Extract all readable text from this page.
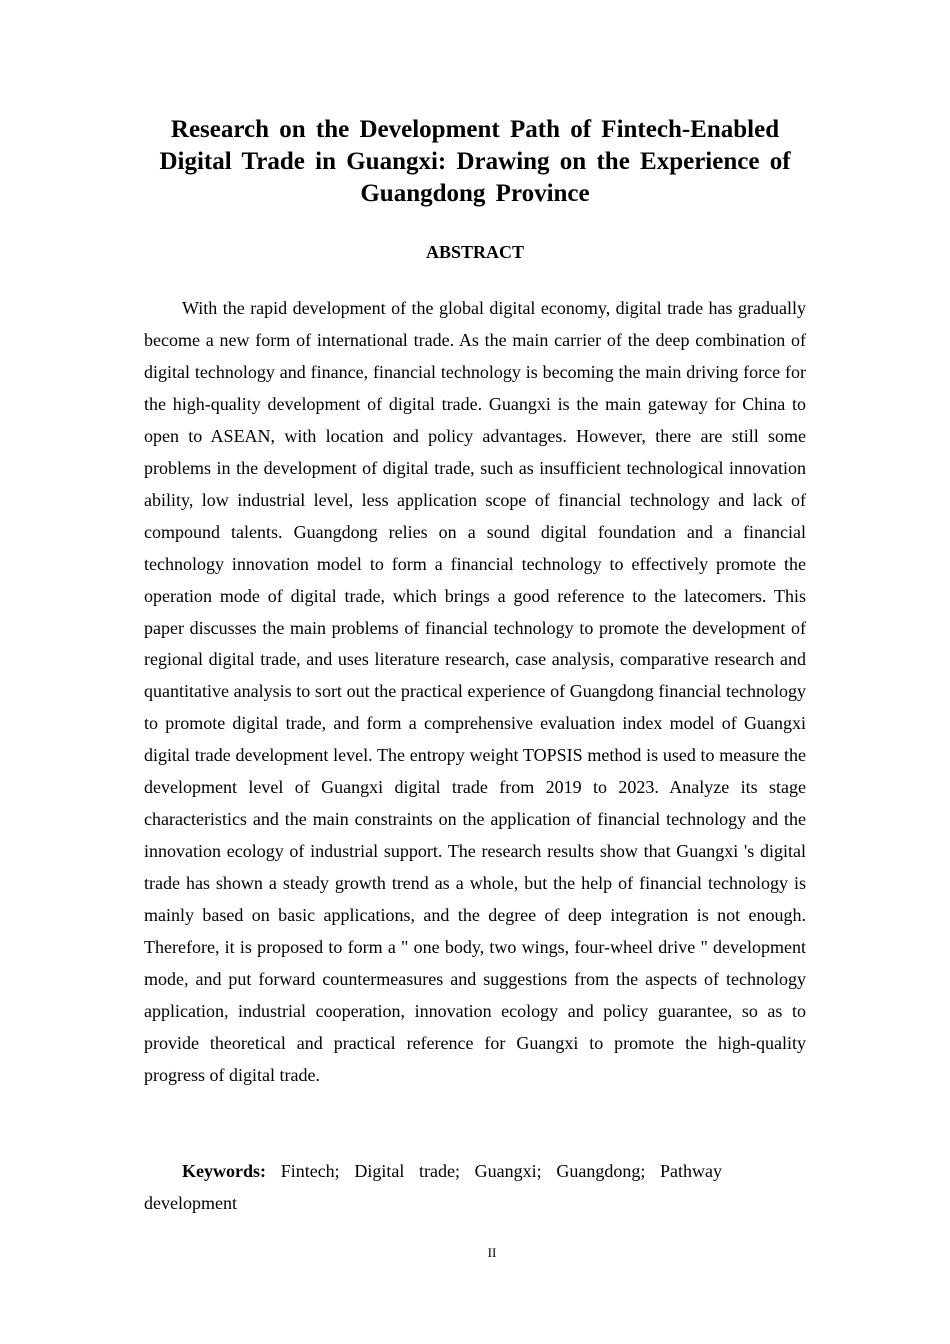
Research on the Development Path of Fintech-Enabled Digital Trade in Guangxi: Drawing on the Experience of Guangdong Province
ABSTRACT

With the rapid development of the global digital economy, digital trade has gradually become a new form of international trade. As the main carrier of the deep combination of digital technology and finance, financial technology is becoming the main driving force for the high-quality development of digital trade. Guangxi is the main gateway for China to open to ASEAN, with location and policy advantages. However, there are still some problems in the development of digital trade, such as insufficient technological innovation ability, low industrial level, less application scope of financial technology and lack of compound talents. Guangdong relies on a sound digital foundation and a financial technology innovation model to form a financial technology to effectively promote the operation mode of digital trade, which brings a good reference to the latecomers. This paper discusses the main problems of financial technology to promote the development of regional digital trade, and uses literature research, case analysis, comparative research and quantitative analysis to sort out the practical experience of Guangdong financial technology to promote digital trade, and form a comprehensive evaluation index model of Guangxi digital trade development level. The entropy weight TOPSIS method is used to measure the development level of Guangxi digital trade from 2019 to 2023. Analyze its stage characteristics and the main constraints on the application of financial technology and the innovation ecology of industrial support. The research results show that Guangxi 's digital trade has shown a steady growth trend as a whole, but the help of financial technology is mainly based on basic applications, and the degree of deep integration is not enough. Therefore, it is proposed to form a " one body, two wings, four-wheel drive " development mode, and put forward countermeasures and suggestions from the aspects of technology application, industrial cooperation, innovation ecology and policy guarantee, so as to provide theoretical and practical reference for Guangxi to promote the high-quality progress of digital trade.

Keywords: Fintech; Digital trade; Guangxi; Guangdong; Pathway development

II
